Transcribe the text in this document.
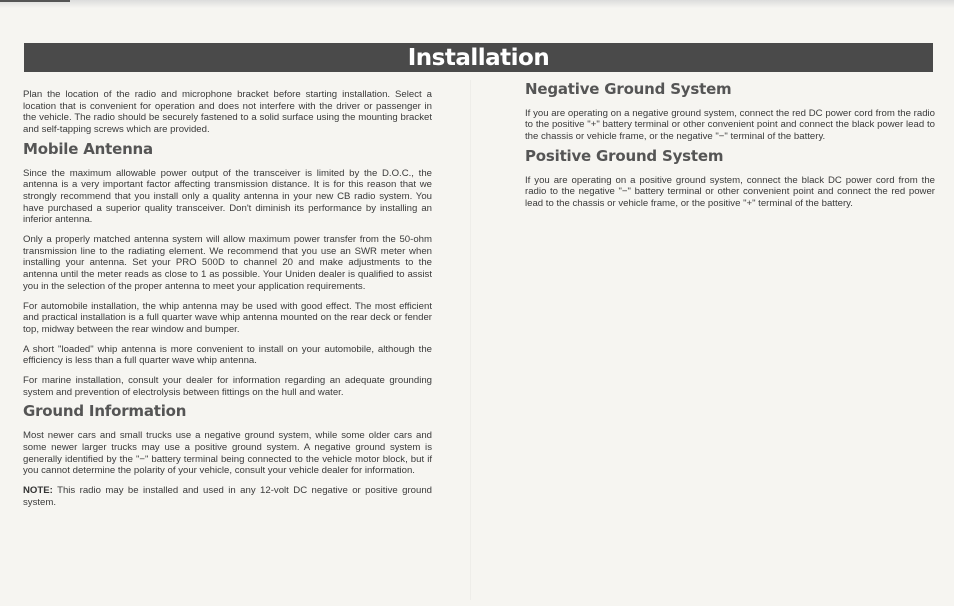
Installation

Plan the location of the radio and microphone bracket before starting installation. Select a location that is convenient for operation and does not interfere with the driver or passenger in the vehicle. The radio should be securely fastened to a solid surface using the mounting bracket and self-tapping screws which are provided.

Mobile Antenna

Since the maximum allowable power output of the transceiver is limited by the D.O.C., the antenna is a very important factor affecting transmission distance. It is for this reason that we strongly recommend that you install only a quality antenna in your new CB radio system. You have purchased a superior quality transceiver. Don't diminish its performance by installing an inferior antenna.

Only a properly matched antenna system will allow maximum power transfer from the 50-ohm transmission line to the radiating element. We recommend that you use an SWR meter when installing your antenna. Set your PRO 500D to channel 20 and make adjustments to the antenna until the meter reads as close to 1 as possible. Your Uniden dealer is qualified to assist you in the selection of the proper antenna to meet your application requirements.

For automobile installation, the whip antenna may be used with good effect. The most efficient and practical installation is a full quarter wave whip antenna mounted on the rear deck or fender top, midway between the rear window and bumper.

A short "loaded" whip antenna is more convenient to install on your automobile, although the efficiency is less than a full quarter wave whip antenna.

For marine installation, consult your dealer for information regarding an adequate grounding system and prevention of electrolysis between fittings on the hull and water.

Ground Information

Most newer cars and small trucks use a negative ground system, while some older cars and some newer larger trucks may use a positive ground system. A negative ground system is generally identified by the "−" battery terminal being connected to the vehicle motor block, but if you cannot determine the polarity of your vehicle, consult your vehicle dealer for information.

NOTE: This radio may be installed and used in any 12-volt DC negative or positive ground system.

Negative Ground System

If you are operating on a negative ground system, connect the red DC power cord from the radio to the positive "+" battery terminal or other convenient point and connect the black power lead to the chassis or vehicle frame, or the negative "−" terminal of the battery.

Positive Ground System

If you are operating on a positive ground system, connect the black DC power cord from the radio to the negative "−" battery terminal or other convenient point and connect the red power lead to the chassis or vehicle frame, or the positive "+" terminal of the battery.
